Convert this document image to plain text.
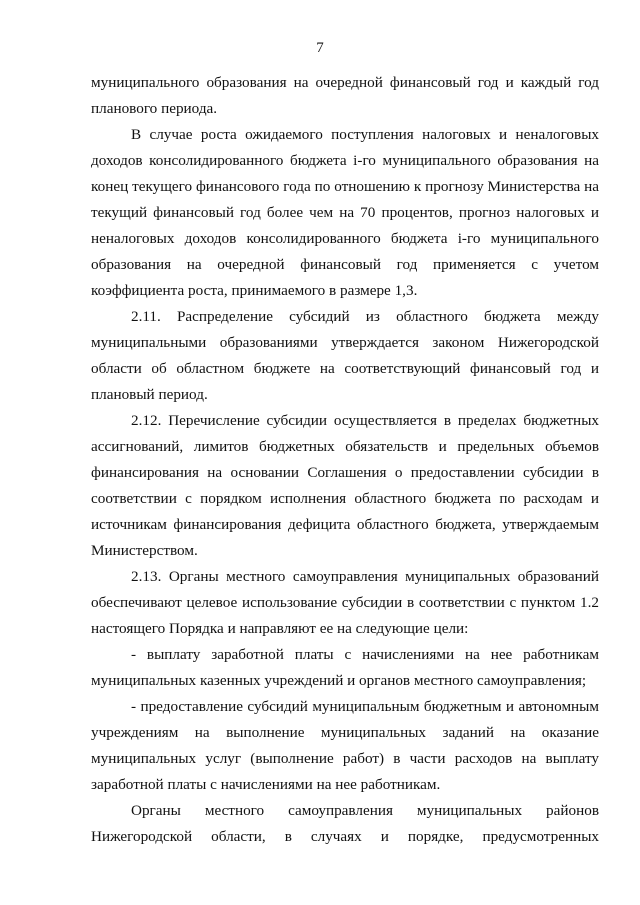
7

муниципального образования на очередной финансовый год и каждый год планового периода.

В случае роста ожидаемого поступления налоговых и неналоговых доходов консолидированного бюджета i-го муниципального образования на конец текущего финансового года по отношению к прогнозу Министерства на текущий финансовый год более чем на 70 процентов, прогноз налоговых и неналоговых доходов консолидированного бюджета i-го муниципального образования на очередной финансовый год применяется с учетом коэффициента роста, принимаемого в размере 1,3.

2.11. Распределение субсидий из областного бюджета между муниципальными образованиями утверждается законом Нижегородской области об областном бюджете на соответствующий финансовый год и плановый период.

2.12. Перечисление субсидии осуществляется в пределах бюджетных ассигнований, лимитов бюджетных обязательств и предельных объемов финансирования на основании Соглашения о предоставлении субсидии в соответствии с порядком исполнения областного бюджета по расходам и источникам финансирования дефицита областного бюджета, утверждаемым Министерством.

2.13. Органы местного самоуправления муниципальных образований обеспечивают целевое использование субсидии в соответствии с пунктом 1.2 настоящего Порядка и направляют ее на следующие цели:

- выплату заработной платы с начислениями на нее работникам муниципальных казенных учреждений и органов местного самоуправления;

- предоставление субсидий муниципальным бюджетным и автономным учреждениям на выполнение муниципальных заданий на оказание муниципальных услуг (выполнение работ) в части расходов на выплату заработной платы с начислениями на нее работникам.

Органы местного самоуправления муниципальных районов Нижегородской области, в случаях и порядке, предусмотренных
